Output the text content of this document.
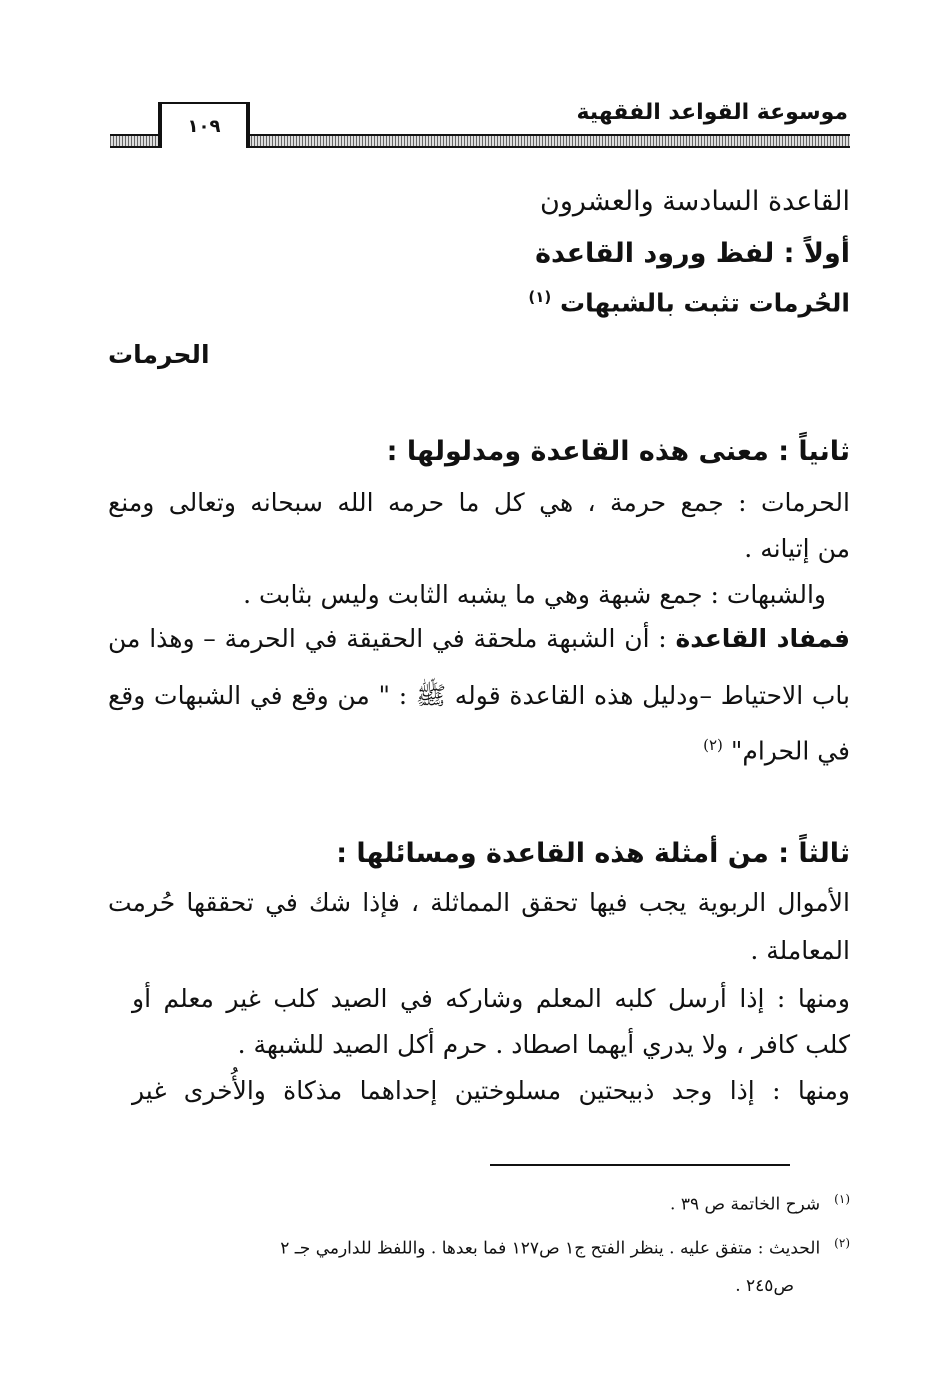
١٠٩
موسوعة القواعد الفقهية
القاعدة السادسة والعشرون
أولاً : لفظ ورود القاعدة
الحُرمات تثبت بالشبهات $^{(١)}$
الحرمات
ثانياً : معنى هذه القاعدة ومدلولها :
الحرمات : جمع حرمة ، هي كل ما حرمه الله سبحانه وتعالى ومنع
من إتيانه .
والشبهات : جمع شبهة وهي ما يشبه الثابت وليس بثابت .
فمفاد القاعدة : أن الشبهة ملحقة في الحقيقة في الحرمة – وهذا من
باب الاحتياط –ودليل هذه القاعدة قوله ﷺ : " من وقع في الشبهات وقع
في الحرام" $^{(٢)}$
ثالثاً : من أمثلة هذه القاعدة ومسائلها :
الأموال الربوية يجب فيها تحقق المماثلة ، فإذا شك في تحققها حُرمت
المعاملة .
ومنها : إذا أرسل كلبه المعلم وشاركه في الصيد كلب غير معلم أو
كلب كافر ، ولا يدري أيهما اصطاد . حرم أكل الصيد للشبهة .
ومنها : إذا وجد ذبيحتين مسلوختين إحداهما مذكاة والأُخرى غير
$^{(١)}$شرح الخاتمة ص ٣٩ .
$^{(٢)}$الحديث : متفق عليه . ينظر الفتح ج١ ص١٢٧ فما بعدها . واللفظ للدارمي جـ ٢
ص٢٤٥ .
